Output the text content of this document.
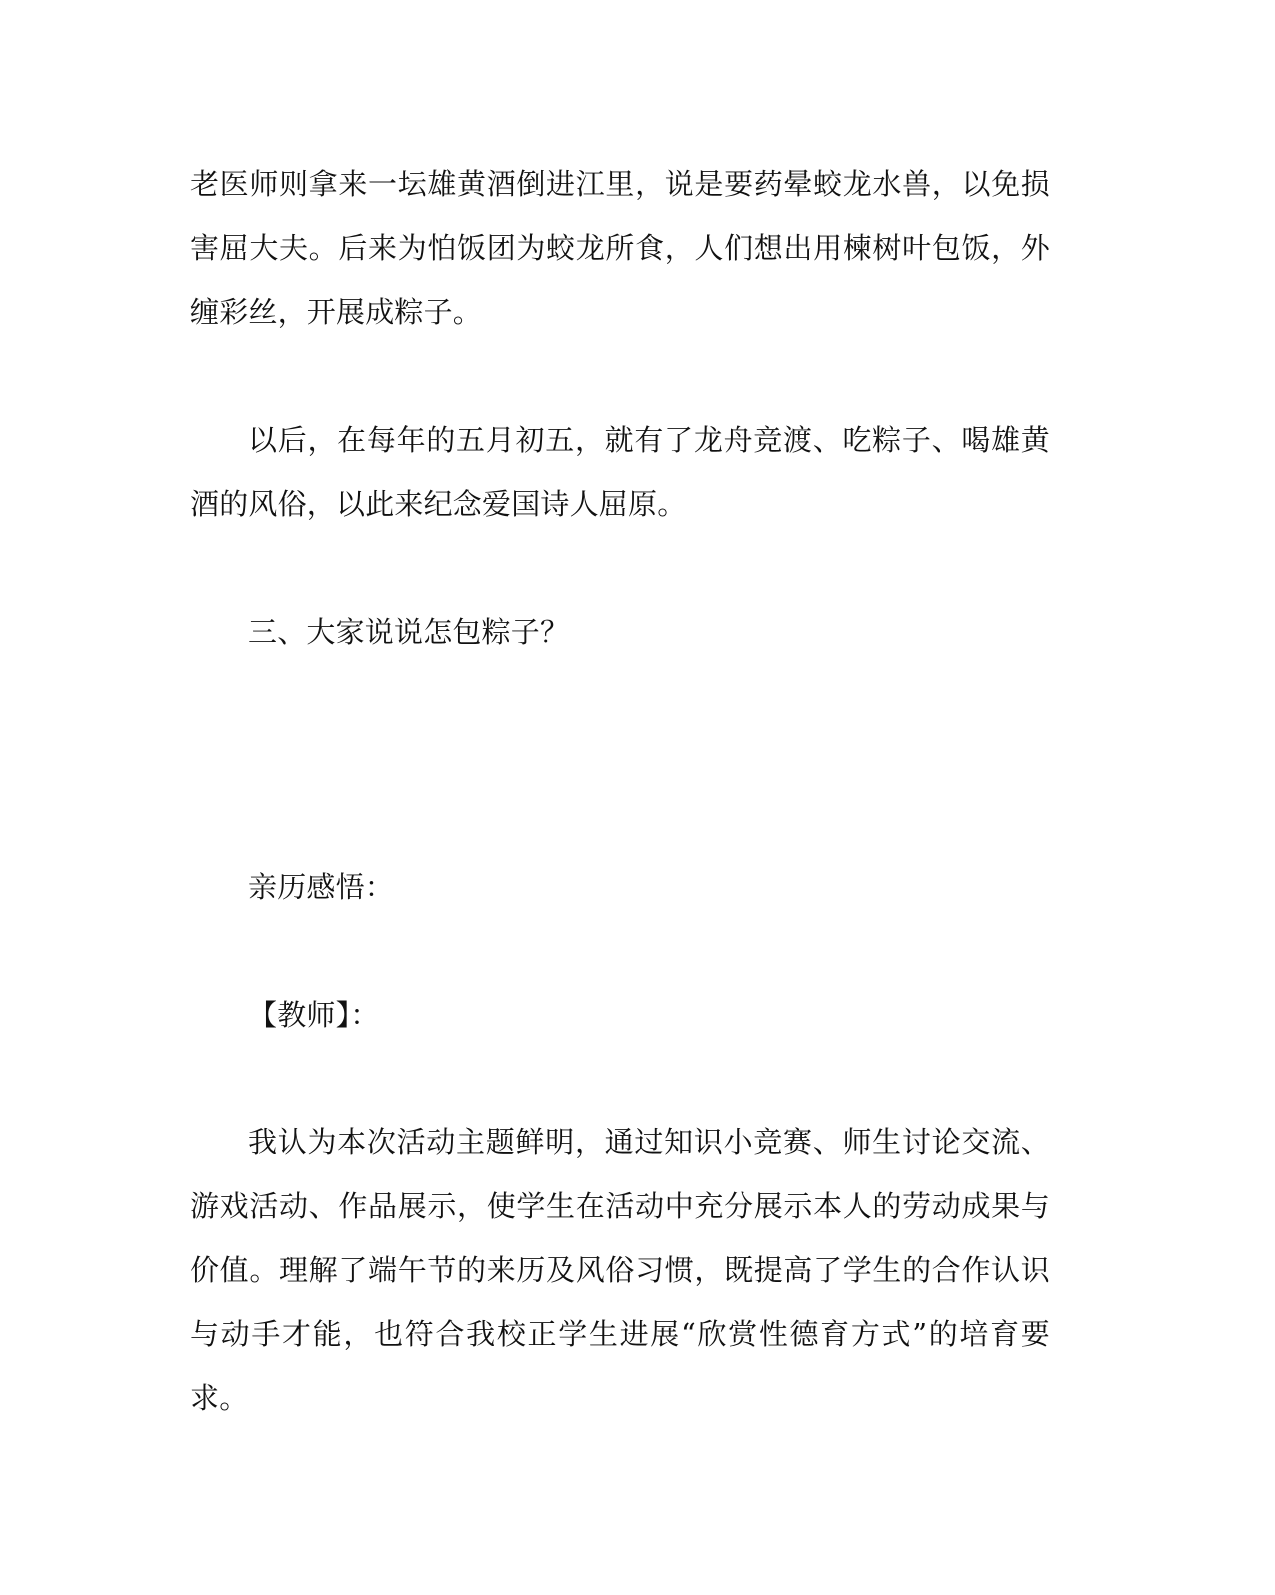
老医师则拿来一坛雄黄酒倒进江里，说是要药晕蛟龙水兽，以免损害屈大夫。后来为怕饭团为蛟龙所食，人们想出用楝树叶包饭，外缠彩丝，开展成粽子。

以后，在每年的五月初五，就有了龙舟竞渡、吃粽子、喝雄黄酒的风俗，以此来纪念爱国诗人屈原。

三、大家说说怎包粽子？

亲历感悟：

【教师】：

我认为本次活动主题鲜明，通过知识小竞赛、师生讨论交流、游戏活动、作品展示，使学生在活动中充分展示本人的劳动成果与价值。理解了端午节的来历及风俗习惯，既提高了学生的合作认识与动手才能，也符合我校正学生进展“欣赏性德育方式”的培育要求。
